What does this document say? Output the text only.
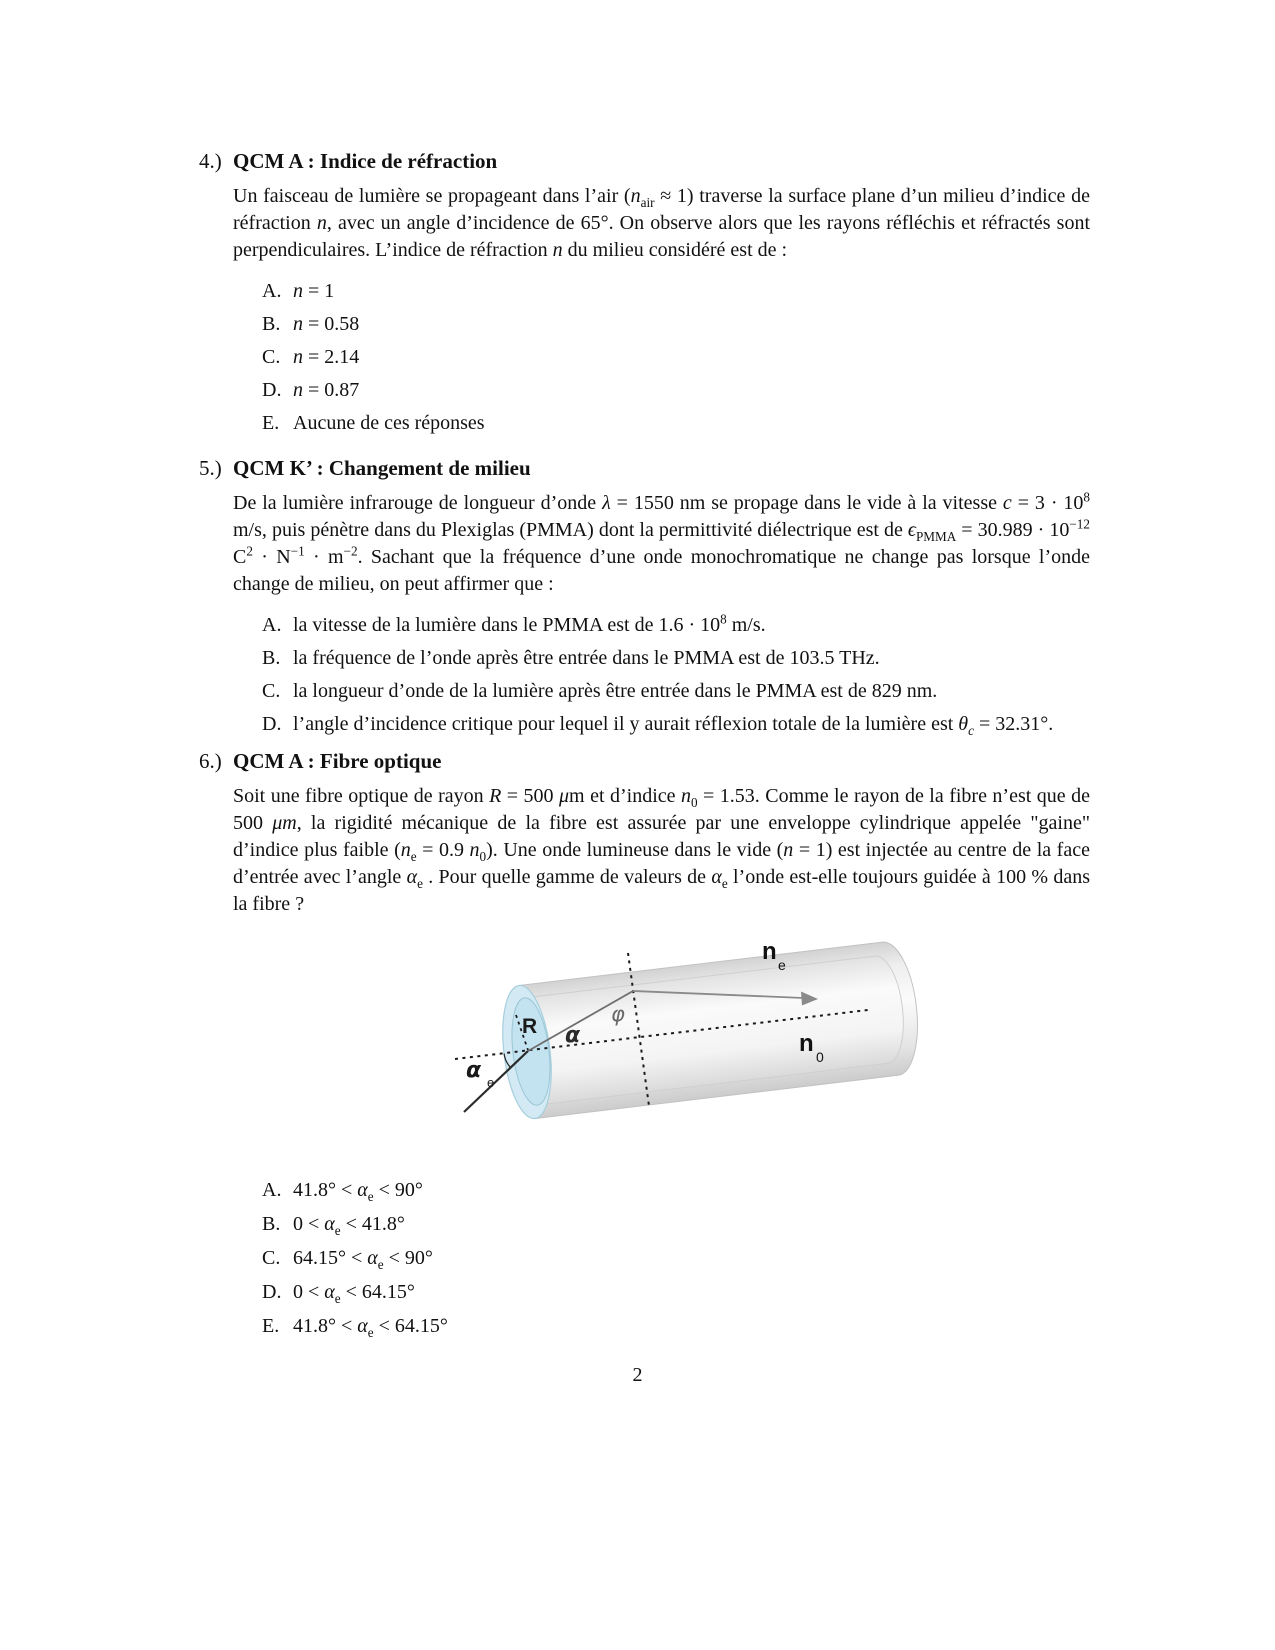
4.) QCM A : Indice de réfraction

Un faisceau de lumière se propageant dans l’air $(n_{air} \approx 1)$ traverse la surface plane d’un milieu d’indice de réfraction n, avec un angle d’incidence de 65°. On observe alors que les rayons réfléchis et réfractés sont perpendiculaires. L’indice de réfraction n du milieu considéré est de :

A. n = 1
B. n = 0.58
C. n = 2.14
D. n = 0.87
E. Aucune de ces réponses
5.) QCM K’ : Changement de milieu

De la lumière infrarouge de longueur d’onde λ = 1550 nm se propage dans le vide à la vitesse $c = 3 \cdot 10^8$ m/s, puis pénètre dans du Plexiglas (PMMA) dont la permittivité diélectrique est de $\epsilon_{PMMA} = 30.989 \cdot 10^{-12}$ $C^2 \cdot N^{-1} \cdot m^{-2}$. Sachant que la fréquence d’une onde monochromatique ne change pas lorsque l’onde change de milieu, on peut affirmer que :

A. la vitesse de la lumière dans le PMMA est de $1.6 \cdot 10^8$ m/s.
B. la fréquence de l’onde après être entrée dans le PMMA est de 103.5 THz.
C. la longueur d’onde de la lumière après être entrée dans le PMMA est de 829 nm.
D. l’angle d’incidence critique pour lequel il y aurait réflexion totale de la lumière est $\theta_c = 32.31^\circ$.
6.) QCM A : Fibre optique

Soit une fibre optique de rayon R = 500 μm et d’indice $n_0 = 1.53$. Comme le rayon de la fibre n’est que de 500 μm, la rigidité mécanique de la fibre est assurée par une enveloppe cylindrique appelée "gaine" d’indice plus faible ($n_e = 0.9$ $n_0$). Une onde lumineuse dans le vide (n = 1) est injectée au centre de la face d’entrée avec l’angle $\alpha_e$ . Pour quelle gamme de valeurs de $\alpha_e$ l’onde est-elle toujours guidée à 100 % dans la fibre ?

R α
φ
α e
n e
n 0
A. $41.8^\circ < \alpha_e < 90^\circ$
B. $0 < \alpha_e < 41.8^\circ$
C. $64.15^\circ < \alpha_e < 90^\circ$
D. $0 < \alpha_e < 64.15^\circ$
E. $41.8^\circ < \alpha_e < 64.15^\circ$
2
